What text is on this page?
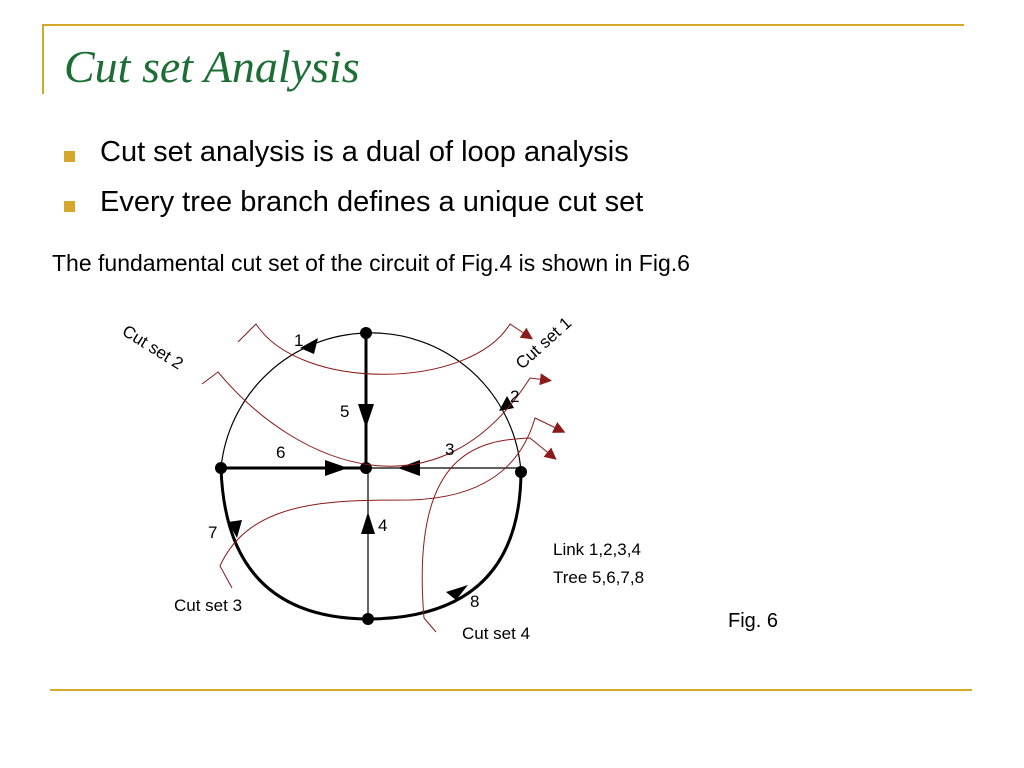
Cut set Analysis
Cut set analysis is a dual of loop analysis
Every tree branch defines a unique cut set
The fundamental cut set of the circuit of Fig.4 is shown in Fig.6
1
2
3
4
5
6
7
8
Cut set 1
Cut set 2
Cut set 3
Cut set 4
Link 1,2,3,4
Tree 5,6,7,8
Fig. 6
